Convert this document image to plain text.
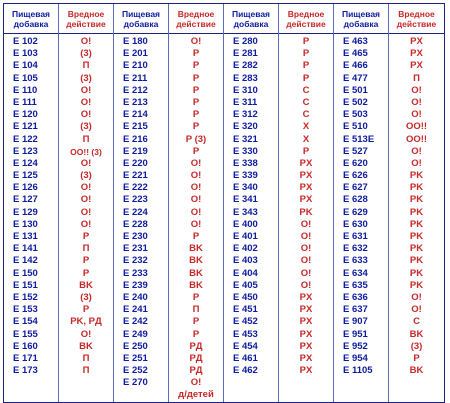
Пищевая добавка
E 102
E 103
E 104
E 105
E 110
E 111
E 120
E 121
E 122
E 123
E 124
E 125
E 126
E 127
E 129
E 130
E 131
E 141
E 142
E 150
E 151
E 152
E 153
E 154
E 155
E 160
E 171
E 173
Вредное действие
O!
(3)
П
(3)
O!
O!
O!
(3)
П
OO!! (3)
O!
(3)
O!
O!
O!
O!
P
П
P
P
BK
(3)
P
PK, PД
O!
BK
П
П
Пищевая добавка
E 180
E 201
E 210
E 211
E 212
E 213
E 214
E 215
E 216
E 219
E 220
E 221
E 222
E 223
E 224
E 228
E 230
E 231
E 232
E 233
E 239
E 240
E 241
E 242
E 249
E 250
E 251
E 252
E 270
Вредное действие
O!
P
P
P
P
P
P
P
P (3)
P
O!
O!
O!
O!
O!
O!
P
BK
BK
BK
BK
P
П
P
P
PД
PД
PД
O!
д/детей
Пищевая добавка
E 280
E 281
E 282
E 283
E 310
E 311
E 312
E 320
E 321
E 330
E 338
E 339
E 340
E 341
E 343
E 400
E 401
E 402
E 403
E 404
E 405
E 450
E 451
E 452
E 453
E 454
E 461
E 462
Вредное действие
P
P
P
P
C
C
C
X
X
P
PX
PX
PX
PX
PK
O!
O!
O!
O!
O!
O!
PX
PX
PX
PX
PX
PX
PX
Пищевая добавка
E 463
E 465
E 466
E 477
E 501
E 502
E 503
E 510
E 513E
E 527
E 620
E 626
E 627
E 628
E 629
E 630
E 631
E 632
E 633
E 634
E 635
E 636
E 637
E 907
E 951
E 952
E 954
E 1105
Вредное действие
PX
PX
PX
П
O!
O!
O!
OO!!
OO!!
O!
O!
PK
PK
PK
PK
PK
PK
PK
PK
PK
PK
O!
O!
C
BK
(3)
P
BK
